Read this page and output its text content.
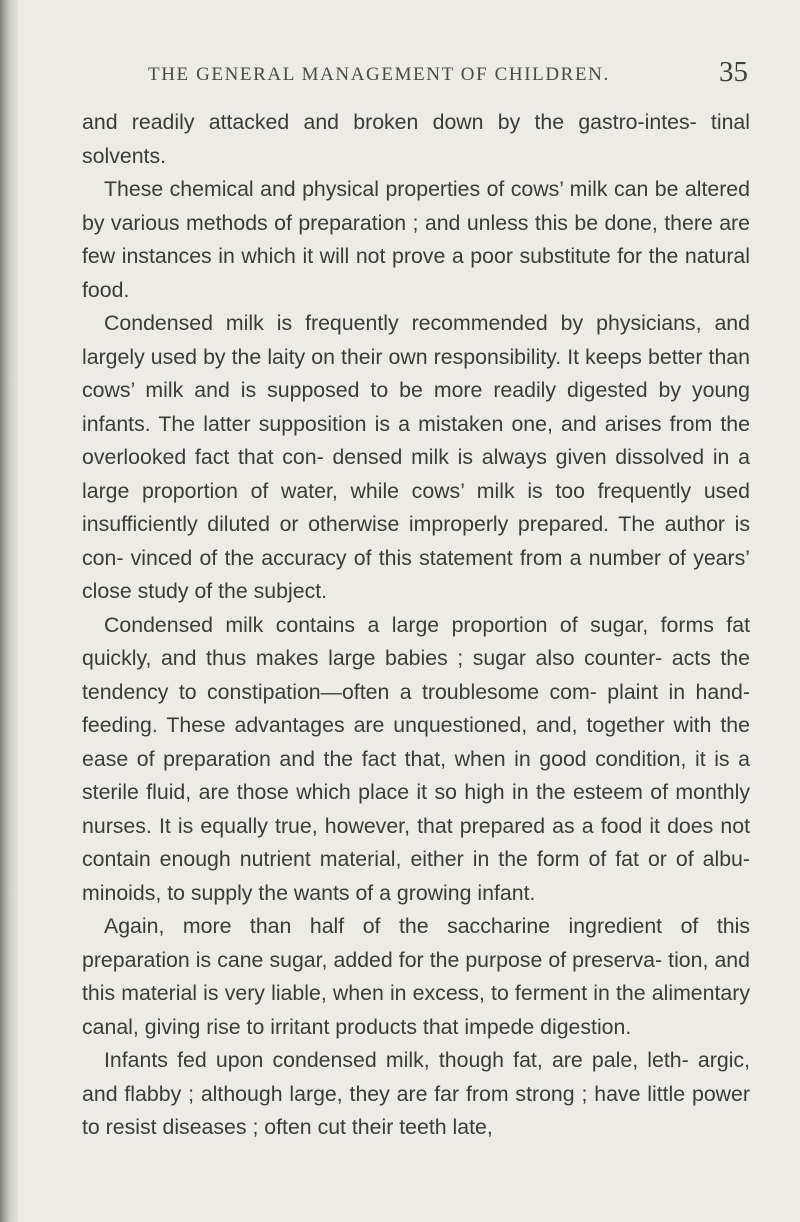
THE GENERAL MANAGEMENT OF CHILDREN.	35

and readily attacked and broken down by the gastro-intes- tinal solvents.

These chemical and physical properties of cows’ milk can be altered by various methods of preparation ; and unless this be done, there are few instances in which it will not prove a poor substitute for the natural food.

Condensed milk is frequently recommended by physicians, and largely used by the laity on their own responsibility. It keeps better than cows’ milk and is supposed to be more readily digested by young infants. The latter supposition is a mistaken one, and arises from the overlooked fact that con- densed milk is always given dissolved in a large proportion of water, while cows’ milk is too frequently used insufficiently diluted or otherwise improperly prepared. The author is con- vinced of the accuracy of this statement from a number of years’ close study of the subject.

Condensed milk contains a large proportion of sugar, forms fat quickly, and thus makes large babies ; sugar also counter- acts the tendency to constipation—often a troublesome com- plaint in hand-feeding. These advantages are unquestioned, and, together with the ease of preparation and the fact that, when in good condition, it is a sterile fluid, are those which place it so high in the esteem of monthly nurses. It is equally true, however, that prepared as a food it does not contain enough nutrient material, either in the form of fat or of albu- minoids, to supply the wants of a growing infant.

Again, more than half of the saccharine ingredient of this preparation is cane sugar, added for the purpose of preserva- tion, and this material is very liable, when in excess, to ferment in the alimentary canal, giving rise to irritant products that impede digestion.

Infants fed upon condensed milk, though fat, are pale, leth- argic, and flabby ; although large, they are far from strong ; have little power to resist diseases ; often cut their teeth late,
